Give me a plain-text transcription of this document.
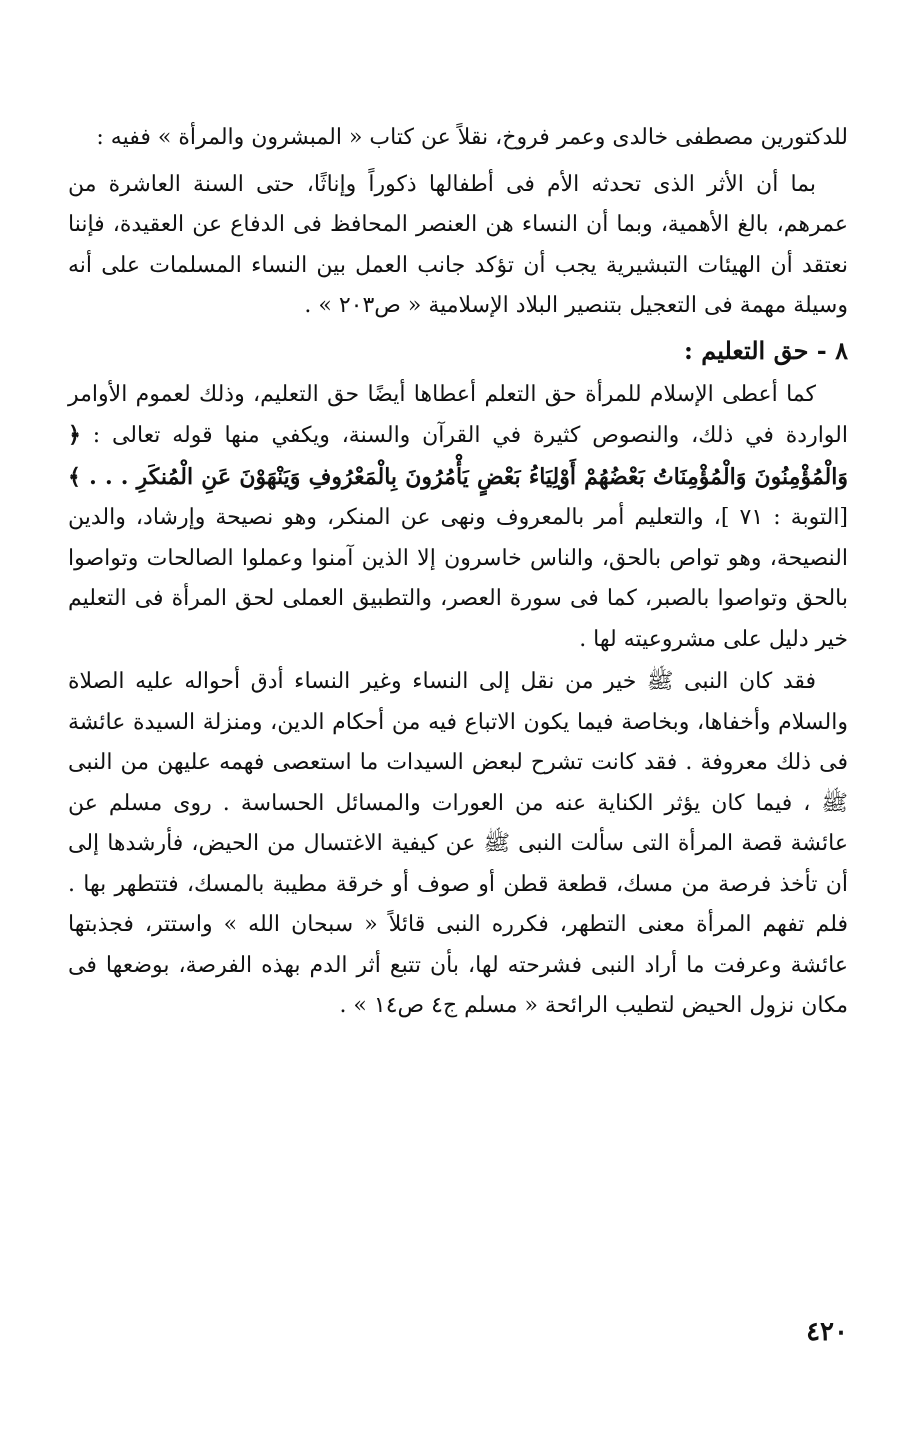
للدكتورين مصطفى خالدى وعمر فروخ، نقلاً عن كتاب « المبشرون والمرأة » ففيه :

بما أن الأثر الذى تحدثه الأم فى أطفالها ذكوراً وإناثًا، حتى السنة العاشرة من عمرهم، بالغ الأهمية، وبما أن النساء هن العنصر المحافظ فى الدفاع عن العقيدة، فإننا نعتقد أن الهيئات التبشيرية يجب أن تؤكد جانب العمل بين النساء المسلمات على أنه وسيلة مهمة فى التعجيل بتنصير البلاد الإسلامية « ص٢٠٣ » .

٨ - حق التعليم :

كما أعطى الإسلام للمرأة حق التعلم أعطاها أيضًا حق التعليم، وذلك لعموم الأوامر الواردة في ذلك، والنصوص كثيرة في القرآن والسنة، ويكفي منها قوله تعالى : ﴿ وَالْمُؤْمِنُونَ وَالْمُؤْمِنَاتُ بَعْضُهُمْ أَوْلِيَاءُ بَعْضٍ يَأْمُرُونَ بِالْمَعْرُوفِ وَيَنْهَوْنَ عَنِ الْمُنكَرِ . . . ﴾ [التوبة : ٧١ ]، والتعليم أمر بالمعروف ونهى عن المنكر، وهو نصيحة وإرشاد، والدين النصيحة، وهو تواص بالحق، والناس خاسرون إلا الذين آمنوا وعملوا الصالحات وتواصوا بالحق وتواصوا بالصبر، كما فى سورة العصر، والتطبيق العملى لحق المرأة فى التعليم خير دليل على مشروعيته لها .

فقد كان النبى ﷺ خير من نقل إلى النساء وغير النساء أدق أحواله عليه الصلاة والسلام وأخفاها، وبخاصة فيما يكون الاتباع فيه من أحكام الدين، ومنزلة السيدة عائشة فى ذلك معروفة . فقد كانت تشرح لبعض السيدات ما استعصى فهمه عليهن من النبى ﷺ ، فيما كان يؤثر الكناية عنه من العورات والمسائل الحساسة . روى مسلم عن عائشة قصة المرأة التى سألت النبى ﷺ عن كيفية الاغتسال من الحيض، فأرشدها إلى أن تأخذ فرصة من مسك، قطعة قطن أو صوف أو خرقة مطيبة بالمسك، فتتطهر بها . فلم تفهم المرأة معنى التطهر، فكرره النبى قائلاً « سبحان الله » واستتر، فجذبتها عائشة وعرفت ما أراد النبى فشرحته لها، بأن تتبع أثر الدم بهذه الفرصة، بوضعها فى مكان نزول الحيض لتطيب الرائحة « مسلم ج٤ ص١٤ » .

٤٢٠
